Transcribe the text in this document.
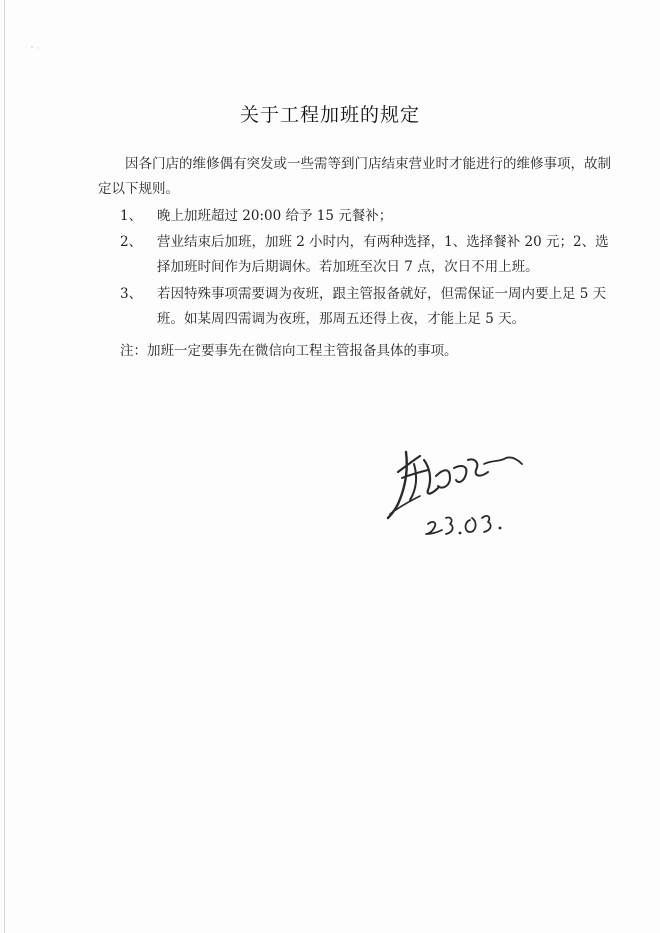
关于工程加班的规定
因各门店的维修偶有突发或一些需等到门店结束营业时才能进行的维修事项，故制定以下规则。
1、	晚上加班超过 20:00 给予 15 元餐补；
2、	营业结束后加班，加班 2 小时内，有两种选择，1、选择餐补 20 元；2、选择加班时间作为后期调休。若加班至次日 7 点，次日不用上班。
3、	若因特殊事项需要调为夜班，跟主管报备就好，但需保证一周内要上足 5 天班。如某周四需调为夜班，那周五还得上夜，才能上足 5 天。
注：加班一定要事先在微信向工程主管报备具体的事项。
